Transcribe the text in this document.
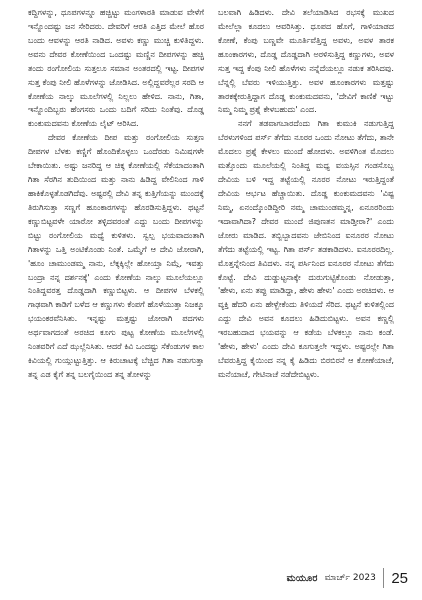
ಕದ್ದಿಗಳನ್ನು, ಧೂಪಗಳನ್ನೂ ಹಚ್ಚಿಟ್ಟು ಮಂಗಳಾರತಿ ಮಾಡುವ ವೇಳೆಗೆ ಇನ್ನೊಂದಷ್ಟು ಜನ ಸೇರಿದರು. ದೇವರಿಗೆ ಆರತಿ ಎತ್ತಿದ ಮೇಲೆ ಹೊರ ಬಂದು ಆವಳನ್ನು ಆರತಿ ನಾಡಿದ. ಅವಳು ಕಣ್ಣು ಮುಚ್ಚಿ ಕುಳಿತಿದ್ದಳು. ಅವನು ದೇವರ ಕೋಣೆಯಿಂದ ಒಂದಷ್ಟು ಮಣ್ಣಿನ ದೀಪಗಳನ್ನು ಹಚ್ಚಿ ತಂದು ರಂಗೋಲಿಯ ಸುತ್ತಲೂ ಸಮಾನ ಅಂತರದಲ್ಲಿ ಇಟ್ಟ. ದೀಪಗಳ ಸುತ್ತ ಕೆಂಪು ನೀಲಿ ಹೊಳೆಗಳನ್ನು ಜೋಡಿಸಿದ. ಅಲ್ಲಿದ್ದವರೆಲ್ಲರ ಸರದಿ ಆ ಕೋಣೆಯ ನಾಲ್ಕು ಮೂಲೆಗಳಲ್ಲಿ ನಿಲ್ಲಲು ಹೇಳಿದ. ನಾನು, ಗಿತಾ, ಇನ್ನೊಂದಿಬ್ಬರು ಹೆಂಗಸರು ಒಂದು ಬದಿಗೆ ಸರಿದು ನಿಂತೆವು. ದೊಡ್ಡ ಕುಂಕುಮದವನು ಕೋಣೆಯ ಲೈಟ್ ಆರಿಸಿದ.

ದೇವರ ಕೋಣೆಯ ದೀಪ ಮತ್ತು ರಂಗೋಲಿಯ ಸುತ್ತಣ ದೀಪಗಳ ಬೆಳಕು ಕಣ್ಣಿಗೆ ಹೊಂದಿಕೊಳ್ಳಲು ಒಂದೆರಡು ನಿಮಿಷಗಳೇ ಬೇಕಾಯಿತು. ಅಷ್ಟು ಜನರಿದ್ದ ಆ ಚಿಕ್ಕ ಕೋಣೆಯಲ್ಲಿ ಸೆಕೆಯಾದಂತಾಗಿ ಗಿತಾ ಸೆರಗಿನ ತುದಿಯಿಂದ ಮತ್ತು ನಾನು ಹಿಡಿದ್ದ ವೇಲಿನಿಂದ ಗಾಳಿ ಹಾಕಿಕೊಳ್ಳತೊಡಗಿದೆವು. ಅಷ್ಟರಲ್ಲಿ ದೇವಿ ತನ್ನ ಕುತ್ತಿಗೆಯನ್ನು ಮುಂದಕ್ಕೆ ತಿರುಗಿಸುತ್ತಾ ಸಣ್ಣಗೆ ಹೂಂಕಾರಗಳನ್ನು ಹೊರಡಿಸುತ್ತಿದ್ದಳು. ಥಟ್ಟನೆ ಕಣ್ಣುಬಿಟ್ಟವಳೇ ಯಾರೋ ತಳ್ಳಿದವರಂತೆ ಎದ್ದು ಬಂದು ದೀಪಗಳನ್ನು ಬಿಟ್ಟು ರಂಗೋಲಿಯ ಮಧ್ಯೆ ಕುಳಿತಳು. ಸ್ವಲ್ಪ ಭಯವಾದಂತಾಗಿ ಗಿತಾಳನ್ನು ಒತ್ತಿ ಅಂಟಿಕೊಂಡು ನಿಂತೆ. ಒಮ್ಮೆಗೆ ಆ ದೇವಿ ಜೋರಾಗಿ, 'ಹೂಂ ಚಾಮುಂಡಮ್ಮ ನಾನು, ಲೆಕ್ಕಕ್ಕಿಲ್ಲೇ ಹೋಯ್ತಾ ನಿಮ್ಗೆ, ಇವತ್ತು ಬಂದ್ರಾ ನನ್ನ ದರ್ಶನಕ್ಕೆ' ಎಂದು ಕೋಣೆಯ ನಾಲ್ಕು ಮೂಲೆಯಲ್ಲೂ ನಿಂತಿದ್ದವರತ್ತ ದೊಡ್ಡದಾಗಿ ಕಣ್ಣುಬಿಟ್ಟಳು. ಆ ದೀಪಗಳ ಬೆಳಕಲ್ಲಿ ಗಾಢವಾಗಿ ಕಾಡಿಗೆ ಬಳೆದ ಆ ಕಣ್ಣುಗಳು ಕೆಂಪಗೆ ಹೊಳೆಯುತ್ತಾ ನಿಜಕ್ಕೂ ಭಯಂಕರವೆನಿಸಿತು. ಇನ್ನಷ್ಟು ಮತ್ತಷ್ಟು ಜೋರಾಗಿ ಪದಗಳು ಅರ್ಥವಾಗದಂತೆ ಅರಚಿದ ಕೂಗು ಪುಟ್ಟ ಕೋಣೆಯ ಮೂಲೆಗಳಲ್ಲಿ ನಿಂತವರಿಗೆ ಎದೆ ಝಲ್ಲೆನಿಸಿತು. ಆದರೆ ಕಿವಿ ಒಂದಷ್ಟು ಸೆಕೆಂಡುಗಳ ಕಾಲ ಕಿವಿಯಲ್ಲಿ ಗುಯ್ಗುಟ್ಟುತ್ತಿತ್ತು. ಆ ಕಿರುಚಾಟಕ್ಕೆ ಬೆಚ್ಚಿದ ಗಿತಾ ನಡುಗುತ್ತಾ ತನ್ನ ಎಡ ಕೈಗೆ ತನ್ನ ಬಲಗೈಯಿಂದ ತನ್ನ ತೋಳನ್ನು

ಬಲವಾಗಿ ಹಿಡಿದಳು. ದೇವಿ ತಲೆಯಾಡಿಸಿದ ರಭಸಕ್ಕೆ ಮುಖದ ಮೇಲೆಲ್ಲಾ ಕೂದಲು ಆವರಿಸಿತ್ತು. ಧೂಪದ ಹೊಗೆ, ಗಾಳಿಯಾಡದ ಕೋಣೆ, ಕೆಂಪು ಬಣ್ಣವೇ ಮೂರ್ತಿವೆತ್ತಿದ್ದ ಅವಳು, ಅವಳ ತಾರಕ ಹೂಂಕಾರಗಳು, ದೊಡ್ಡ ದೊಡ್ಡದಾಗಿ ಅರಳಿಸುತ್ತಿದ್ದ ಕಣ್ಣುಗಳು, ಅವಳ ಸುತ್ತ ಇದ್ದ ಕೆಂಪು ನೀಲಿ ಹೊಳೆಗಳು ನನ್ನೆದೆಯಲ್ಲೂ ನಡುಕ ತರಿಸಿದವು. ಬೆನ್ನಲ್ಲಿ ಬೆವರು ಇಳಿಯುತ್ತಿತ್ತು. ಅವಳ ಹೂಂಕಾರಗಳು ಮತ್ತಷ್ಟು ತಾರಕಕ್ಕೇರುತ್ತಿದ್ದಾಗ ದೊಡ್ಡ ಕುಂಕುಮದವನು, 'ದೇವಿಗೆ ಕಾಣಿಕೆ ಇಟ್ಟು ನಿಮ್ಮ ನಿಮ್ಮ ಪ್ರಶ್ನೆ ಕೇಳಬಹುದು' ಎಂದ.

ನನಗೆ ತಡವಾಗಬಾರದೆಂದು ಗಿತಾ ಕುಮುಕಿ ನಡುಗುತ್ತಿದ್ದ ಬೆರಳುಗಳಿಂದ ಪರ್ಸ್ ತೆಗೆದು ನೂರರ ಒಂದು ನೋಟು ತೆಗೆದು, ತಾನೇ ಮೊದಲು ಪ್ರಶ್ನೆ ಕೇಳಲು ಮುಂದೆ ಹೋದಳು. ಅವಳಿಗಿಂತ ಮೊದಲು ಮತ್ತೊಂದು ಮೂಲೆಯಲ್ಲಿ ನಿಂತಿದ್ದ ಮಧ್ಯ ವಯಸ್ಸಿನ ಗಂಡಸೊಬ್ಬ ದೇವಿಯ ಬಳಿ ಇದ್ದ ತಟ್ಟೆಯಲ್ಲಿ ನೂರರ ನೋಟು ಇರುತ್ತಿದ್ದಂತೆ ದೇವಿಯ ಆರ್ಭಟ ಹೆಚ್ಚಾಯಿತು. ದೊಡ್ಡ ಕುಂಕುಮದವನು 'ವಿಷ್ಟ ನಿಮ್ಮ, ಏನಂದ್ಕೊಂಡಿದ್ದೀರಿ ನಮ್ಮ ಚಾಮುಂಡಮ್ಮನ್ನ, ಏನೂರರಿಂದು ಇದಾವಾಗಿದಾ? ದೇವರ ಮುಂದೆ ಜಿಪುಣತನ ಮಾಡ್ತೀರಾ?' ಎಂದು ಜೋರು ಮಾಡಿದ. ತಬ್ಬಿಬ್ಬಾದವನು ಜೇಬಿನಿಂದ ಐನೂರರ ನೋಟು ತೆಗೆದು ತಟ್ಟೆಯಲ್ಲಿ ಇಟ್ಟ. ಗಿತಾ ಪರ್ಸ್ ತಡಕಾಡಿದಳು. ಐನೂರರದಿಲ್ಲ. ಮೊತ್ತನ್ನೇನಿಂದ ತಿವಿದಳು. ನನ್ನ ಪರ್ಸಿನಿಂದ ಐನೂರರ ನೋಟು ತೆಗೆದು ಕೊಟ್ಟೆ. ದೇವಿ ದುಡ್ಡುಟ್ಟನಾಕ್ಕೇ ದುರುಗುಟ್ಟಿಕೊಂಡು ನೋಡುತ್ತಾ, 'ಹೇಳು, ಏನು ತಪ್ಪು ಮಾಡಿದ್ದಾ, ಹೇಳು ಹೇಳು' ಎಂದು ಅರಚಿದಳು. ಆ ವ್ಯಕ್ತಿ ಹೆದರಿ ಏನು ಹೇಳ್ಬೇಕೆಂದು ತಿಳಿಯದೆ ಸೆರಿದ. ಥಟ್ಟನೆ ಕುಳಿತಲ್ಲಿಂದ ಎದ್ದು ದೇವಿ ಅವನ ಕೂದಲು ಹಿಡಿದುಬಿಟ್ಟಳು. ಅವನ ಕಣ್ಣಲ್ಲಿ ಇರಬಹುದಾದ ಭಯವನ್ನು ಆ ಕಡೆಯ ಬೆಳಕಲ್ಲೂ ನಾನು ಕಂಡೆ. 'ಹೇಳು, ಹೇಳು' ಎಂದು ದೇವಿ ಕೂಗುತ್ತಲೇ ಇದ್ದಳು. ಅಷ್ಟರಲ್ಲೇ ಗಿತಾ ಬೆವರುತ್ತಿದ್ದ ಕೈಯಿಂದ ನನ್ನ ಕೈ ಹಿಡಿದು ಬಿರಬಿರನೆ ಆ ಕೋಣೆಯಾಚೆ, ಮನೆಯಾಚೆ, ಗೇಟಿನಾಚೆ ನಡೆದೇಬಿಟ್ಟಳು.

ಮಯೂರ ಮಾರ್ಚ್ 2023 25
